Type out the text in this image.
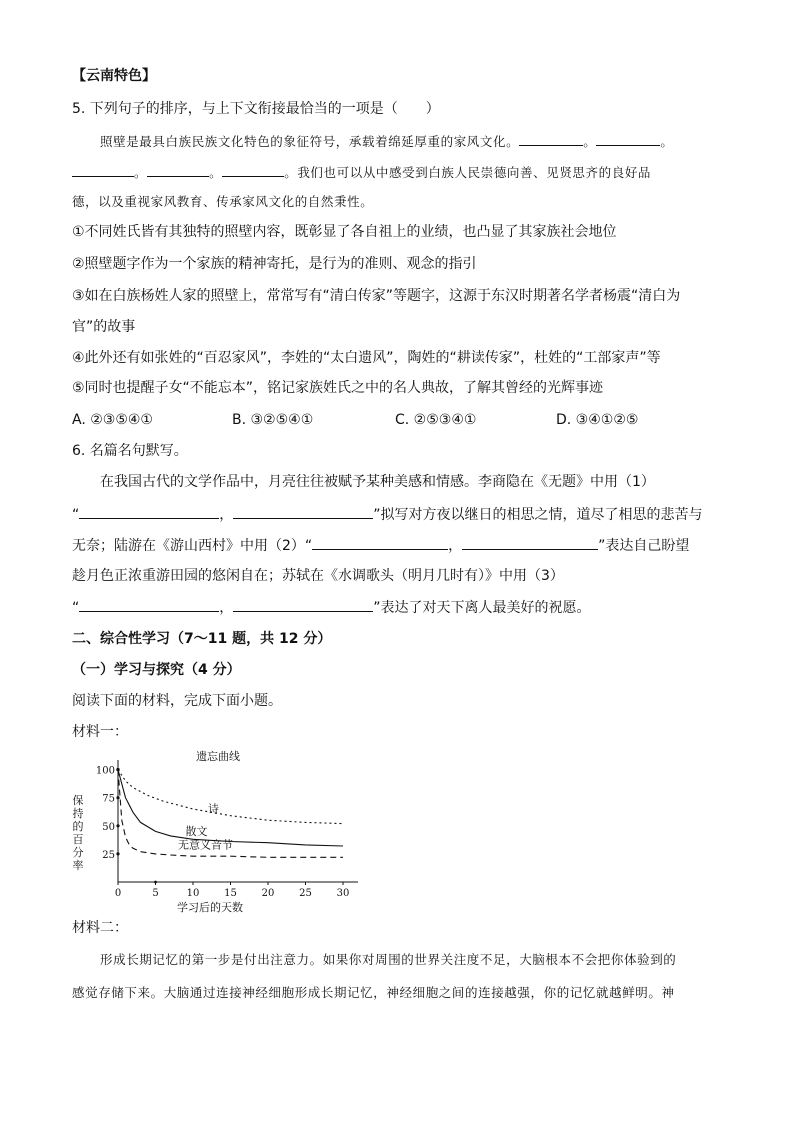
【云南特色】
5. 下列句子的排序，与上下文衔接最恰当的一项是（　　）
照壁是最具白族民族文化特色的象征符号，承载着绵延厚重的家风文化。	。	。
。	。	。我们也可以从中感受到白族人民崇德向善、见贤思齐的良好品
德，以及重视家风教育、传承家风文化的自然秉性。
①不同姓氏皆有其独特的照壁内容，既彰显了各自祖上的业绩，也凸显了其家族社会地位
②照壁题字作为一个家族的精神寄托，是行为的准则、观念的指引
③如在白族杨姓人家的照壁上，常常写有“清白传家”等题字，这源于东汉时期著名学者杨震“清白为
官”的故事
④此外还有如张姓的“百忍家风”，李姓的“太白遗风”，陶姓的“耕读传家”，杜姓的“工部家声”等
⑤同时也提醒子女“不能忘本”，铭记家族姓氏之中的名人典故，了解其曾经的光辉事迹
A. ②③⑤④①	B. ③②⑤④①	C. ②⑤③④①	D. ③④①②⑤
6. 名篇名句默写。
在我国古代的文学作品中，月亮往往被赋予某种美感和情感。李商隐在《无题》中用（1）
“	，	”拟写对方夜以继日的相思之情，道尽了相思的悲苦与
无奈；陆游在《游山西村》中用（2）“	，	”表达自己盼望
趁月色正浓重游田园的悠闲自在；苏轼在《水调歌头（明月几时有）》中用（3）
“	，	”表达了对天下离人最美好的祝愿。
二、综合性学习（7～11 题，共 12 分）
（一）学习与探究（4 分）
阅读下面的材料，完成下面小题。
材料一：
遗忘曲线
100
75
50
25
0	5	10 15 20 25 30
保
持
的
百
分
率
学习后的天数
诗
散文
无意义音节
材料二：
形成长期记忆的第一步是付出注意力。如果你对周围的世界关注度不足，大脑根本不会把你体验到的
感觉存储下来。大脑通过连接神经细胞形成长期记忆，神经细胞之间的连接越强，你的记忆就越鲜明。神
